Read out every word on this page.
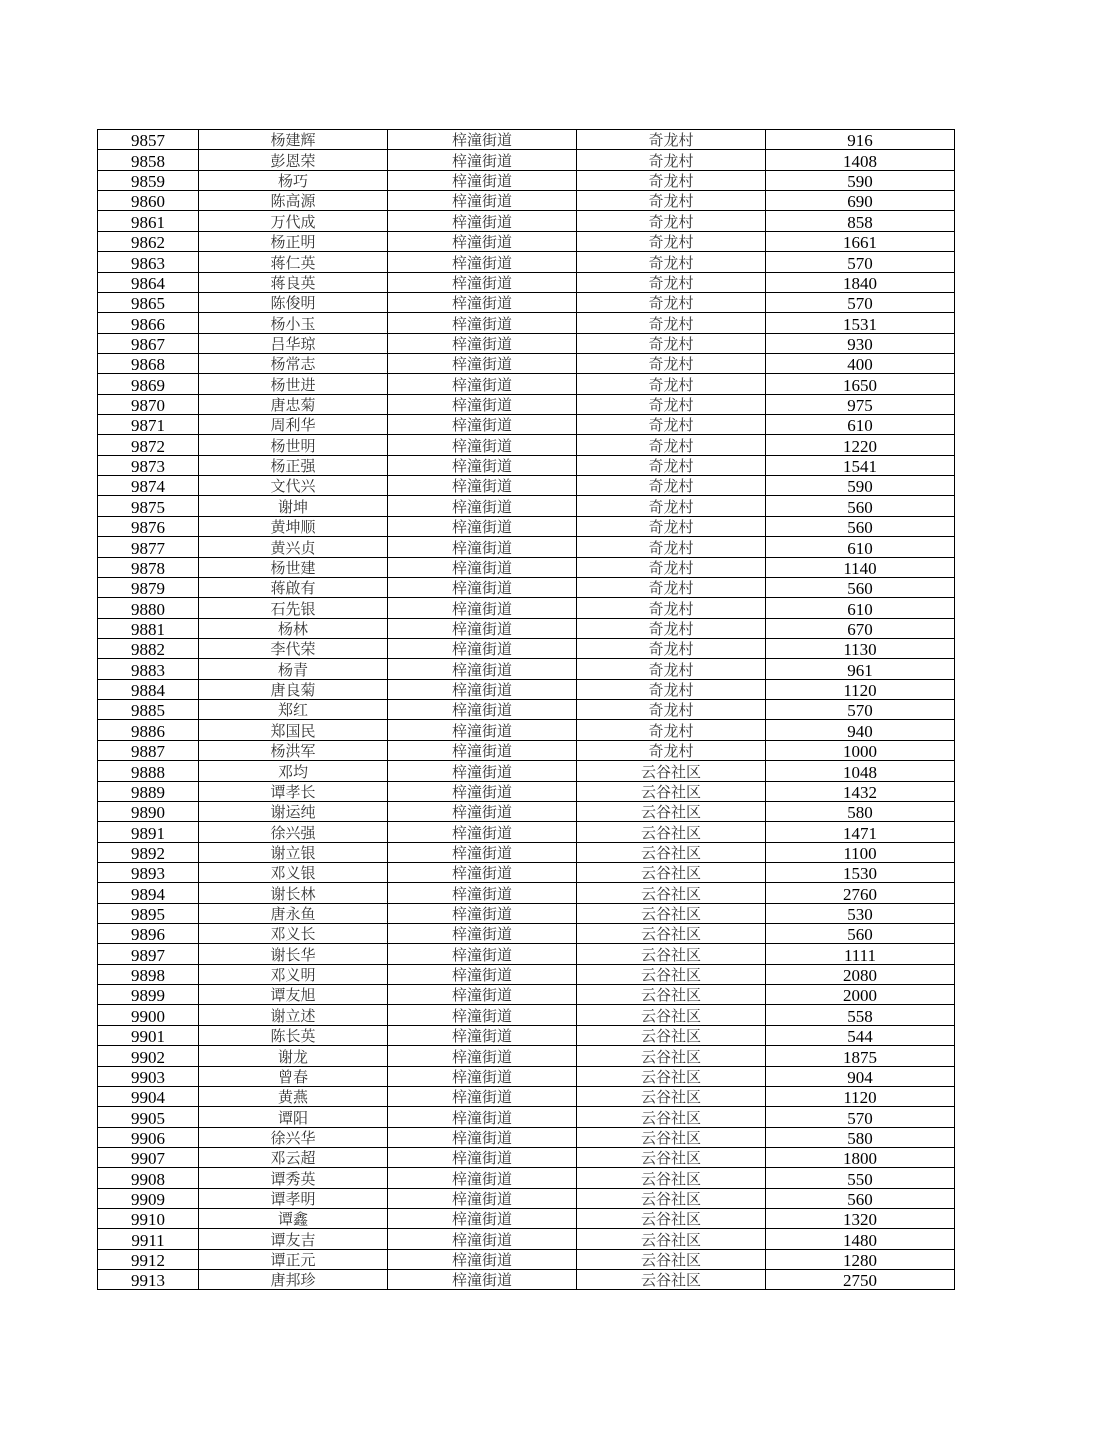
9857	杨建辉	梓潼街道	奇龙村	916
9858	彭恩荣	梓潼街道	奇龙村	1408
9859	杨巧	梓潼街道	奇龙村	590
9860	陈高源	梓潼街道	奇龙村	690
9861	万代成	梓潼街道	奇龙村	858
9862	杨正明	梓潼街道	奇龙村	1661
9863	蒋仁英	梓潼街道	奇龙村	570
9864	蒋良英	梓潼街道	奇龙村	1840
9865	陈俊明	梓潼街道	奇龙村	570
9866	杨小玉	梓潼街道	奇龙村	1531
9867	吕华琼	梓潼街道	奇龙村	930
9868	杨常志	梓潼街道	奇龙村	400
9869	杨世进	梓潼街道	奇龙村	1650
9870	唐忠菊	梓潼街道	奇龙村	975
9871	周利华	梓潼街道	奇龙村	610
9872	杨世明	梓潼街道	奇龙村	1220
9873	杨正强	梓潼街道	奇龙村	1541
9874	文代兴	梓潼街道	奇龙村	590
9875	谢坤	梓潼街道	奇龙村	560
9876	黄坤顺	梓潼街道	奇龙村	560
9877	黄兴贞	梓潼街道	奇龙村	610
9878	杨世建	梓潼街道	奇龙村	1140
9879	蒋啟有	梓潼街道	奇龙村	560
9880	石先银	梓潼街道	奇龙村	610
9881	杨林	梓潼街道	奇龙村	670
9882	李代荣	梓潼街道	奇龙村	1130
9883	杨青	梓潼街道	奇龙村	961
9884	唐良菊	梓潼街道	奇龙村	1120
9885	郑红	梓潼街道	奇龙村	570
9886	郑国民	梓潼街道	奇龙村	940
9887	杨洪军	梓潼街道	奇龙村	1000
9888	邓均	梓潼街道	云谷社区	1048
9889	谭孝长	梓潼街道	云谷社区	1432
9890	谢运纯	梓潼街道	云谷社区	580
9891	徐兴强	梓潼街道	云谷社区	1471
9892	谢立银	梓潼街道	云谷社区	1100
9893	邓义银	梓潼街道	云谷社区	1530
9894	谢长林	梓潼街道	云谷社区	2760
9895	唐永鱼	梓潼街道	云谷社区	530
9896	邓义长	梓潼街道	云谷社区	560
9897	谢长华	梓潼街道	云谷社区	1111
9898	邓义明	梓潼街道	云谷社区	2080
9899	谭友旭	梓潼街道	云谷社区	2000
9900	谢立述	梓潼街道	云谷社区	558
9901	陈长英	梓潼街道	云谷社区	544
9902	谢龙	梓潼街道	云谷社区	1875
9903	曾春	梓潼街道	云谷社区	904
9904	黄燕	梓潼街道	云谷社区	1120
9905	谭阳	梓潼街道	云谷社区	570
9906	徐兴华	梓潼街道	云谷社区	580
9907	邓云超	梓潼街道	云谷社区	1800
9908	谭秀英	梓潼街道	云谷社区	550
9909	谭孝明	梓潼街道	云谷社区	560
9910	谭鑫	梓潼街道	云谷社区	1320
9911	谭友吉	梓潼街道	云谷社区	1480
9912	谭正元	梓潼街道	云谷社区	1280
9913	唐邦珍	梓潼街道	云谷社区	2750
